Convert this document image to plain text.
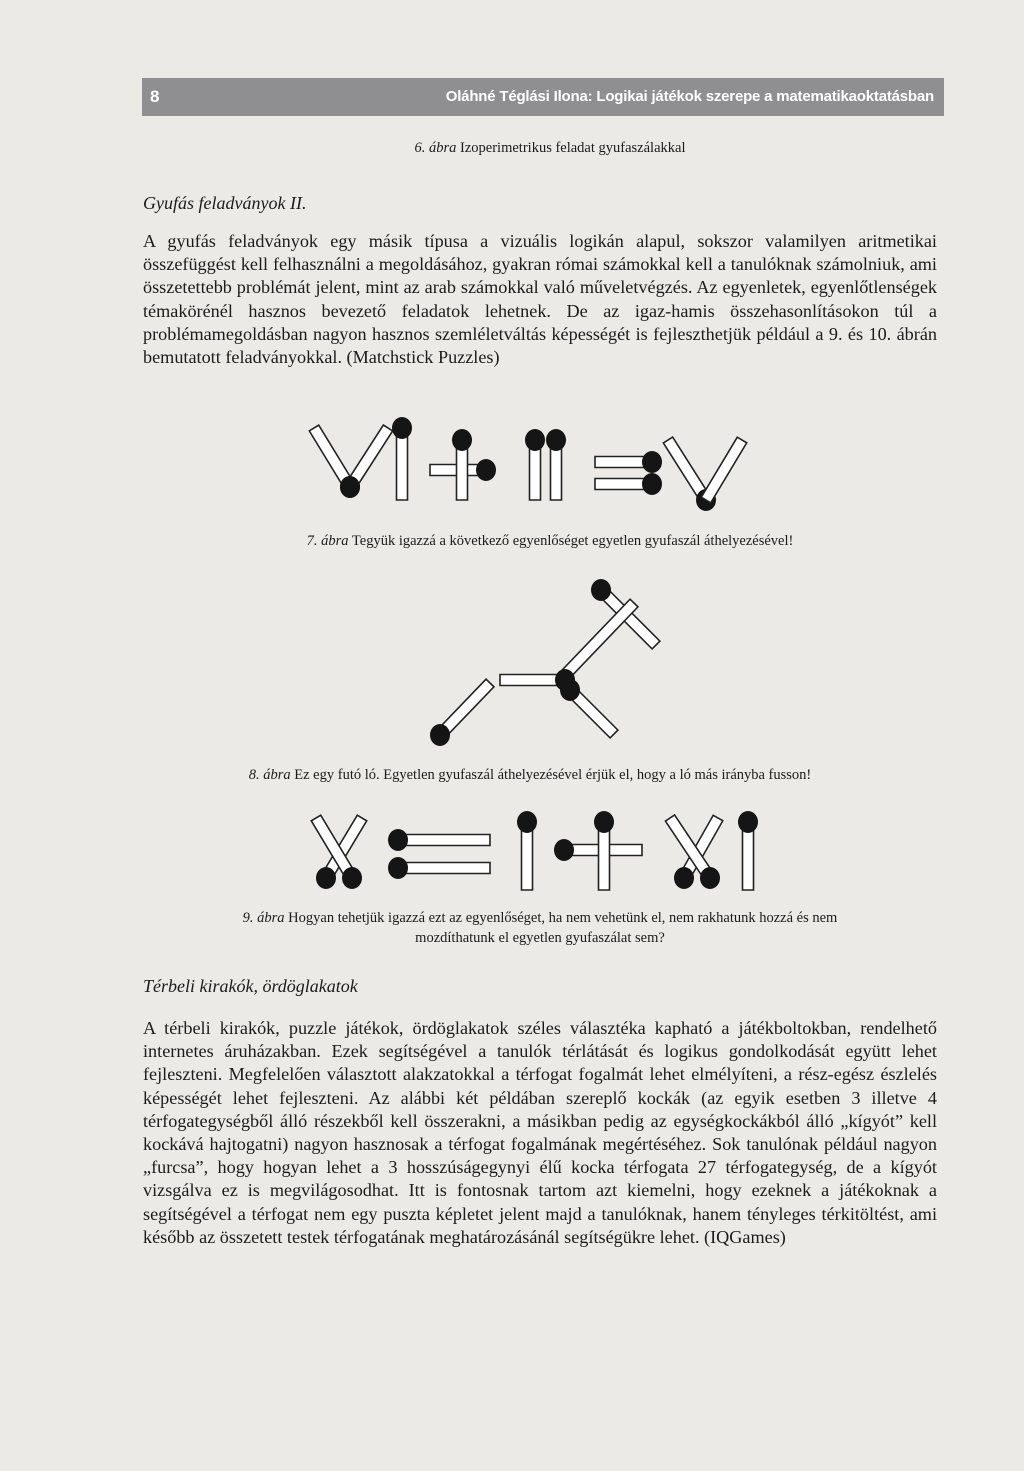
8	Oláhné Téglási Ilona: Logikai játékok szerepe a matematikaoktatásban
6. ábra Izoperimetrikus feladat gyufaszálakkal
Gyufás feladványok II.

A gyufás feladványok egy másik típusa a vizuális logikán alapul, sokszor valamilyen aritmetikai összefüggést kell felhasználni a megoldásához, gyakran római számokkal kell a tanulóknak számolniuk, ami összetettebb problémát jelent, mint az arab számokkal való műveletvégzés. Az egyenletek, egyenlőtlenségek témakörénél hasznos bevezető feladatok lehetnek. De az igaz-hamis összehasonlításokon túl a problémamegoldásban nagyon hasznos szemléletváltás képességét is fejleszthetjük például a 9. és 10. ábrán bemutatott feladványokkal. (Matchstick Puzzles)

7. ábra Tegyük igazzá a következő egyenlőséget egyetlen gyufaszál áthelyezésével!
8. ábra Ez egy futó ló. Egyetlen gyufaszál áthelyezésével érjük el, hogy a ló más irányba fusson!
9. ábra Hogyan tehetjük igazzá ezt az egyenlőséget, ha nem vehetünk el, nem rakhatunk hozzá és nem
mozdíthatunk el egyetlen gyufaszálat sem?
Térbeli kirakók, ördöglakatok

A térbeli kirakók, puzzle játékok, ördöglakatok széles választéka kapható a játékboltokban, rendelhető internetes áruházakban. Ezek segítségével a tanulók térlátását és logikus gondolkodását együtt lehet fejleszteni. Megfelelően választott alakzatokkal a térfogat fogalmát lehet elmélyíteni, a rész-egész észlelés képességét lehet fejleszteni. Az alábbi két példában szereplő kockák (az egyik esetben 3 illetve 4 térfogategységből álló részekből kell összerakni, a másikban pedig az egységkockákból álló „kígyót” kell kockává hajtogatni) nagyon hasznosak a térfogat fogalmának megértéséhez. Sok tanulónak például nagyon „furcsa”, hogy hogyan lehet a 3 hosszúságegynyi élű kocka térfogata 27 térfogategység, de a kígyót vizsgálva ez is megvilágosodhat. Itt is fontosnak tartom azt kiemelni, hogy ezeknek a játékoknak a segítségével a térfogat nem egy puszta képletet jelent majd a tanulóknak, hanem tényleges térkitöltést, ami később az összetett testek térfogatának meghatározásánál segítségükre lehet. (IQGames)
